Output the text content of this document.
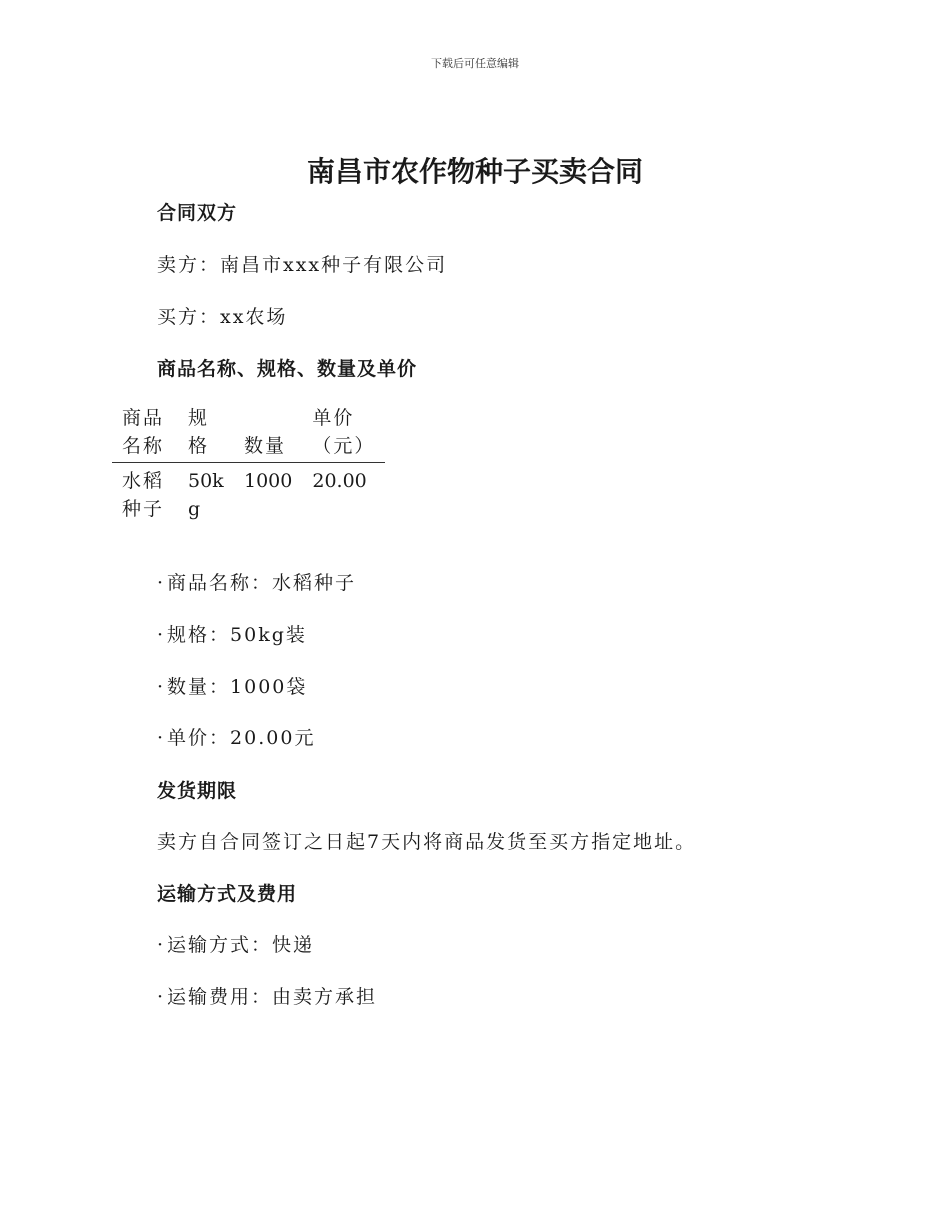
下载后可任意编辑
南昌市农作物种子买卖合同
合同双方

卖方：南昌市xxx种子有限公司

买方：xx农场

商品名称、规格、数量及单价
商品名称	规格	数量	单价（元）
水稻种子	50kg	1000	20.00

· 商品名称：水稻种子

· 规格：50kg装

· 数量：1000袋

· 单价：20.00元

发货期限

卖方自合同签订之日起7天内将商品发货至买方指定地址。

运输方式及费用

· 运输方式：快递

· 运输费用：由卖方承担
